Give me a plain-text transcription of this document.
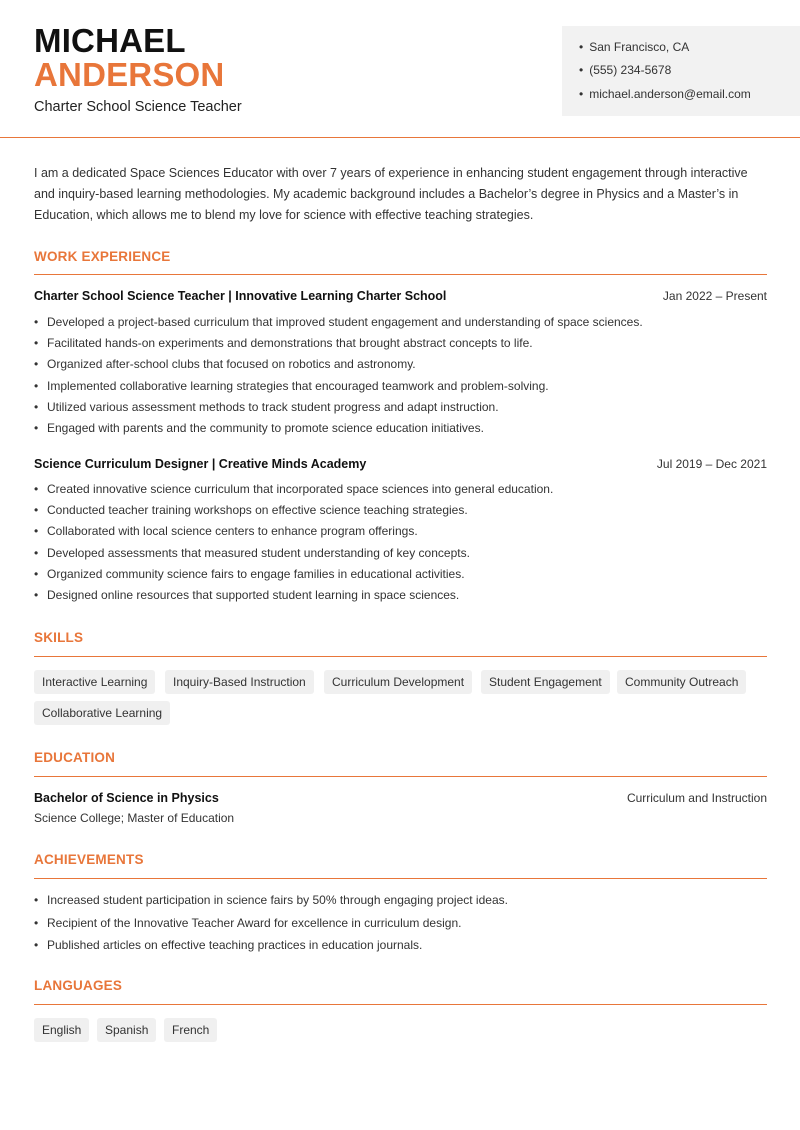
MICHAEL
ANDERSON
Charter School Science Teacher
• San Francisco, CA
• (555) 234-5678
• michael.anderson@email.com

I am a dedicated Space Sciences Educator with over 7 years of experience in enhancing student engagement through interactive and inquiry-based learning methodologies. My academic background includes a Bachelor’s degree in Physics and a Master’s in Education, which allows me to blend my love for science with effective teaching strategies.

WORK EXPERIENCE
Charter School Science Teacher | Innovative Learning Charter School	Jan 2022 – Present
• Developed a project-based curriculum that improved student engagement and understanding of space sciences.
• Facilitated hands-on experiments and demonstrations that brought abstract concepts to life.
• Organized after-school clubs that focused on robotics and astronomy.
• Implemented collaborative learning strategies that encouraged teamwork and problem-solving.
• Utilized various assessment methods to track student progress and adapt instruction.
• Engaged with parents and the community to promote science education initiatives.
Science Curriculum Designer | Creative Minds Academy	Jul 2019 – Dec 2021
• Created innovative science curriculum that incorporated space sciences into general education.
• Conducted teacher training workshops on effective science teaching strategies.
• Collaborated with local science centers to enhance program offerings.
• Developed assessments that measured student understanding of key concepts.
• Organized community science fairs to engage families in educational activities.
• Designed online resources that supported student learning in space sciences.
SKILLS
Interactive Learning	Inquiry-Based Instruction	Curriculum Development	Student Engagement	Community Outreach
Collaborative Learning
EDUCATION
Bachelor of Science in Physics	Curriculum and Instruction
Science College; Master of Education
ACHIEVEMENTS
• Increased student participation in science fairs by 50% through engaging project ideas.
• Recipient of the Innovative Teacher Award for excellence in curriculum design.
• Published articles on effective teaching practices in education journals.
LANGUAGES
English	Spanish	French
